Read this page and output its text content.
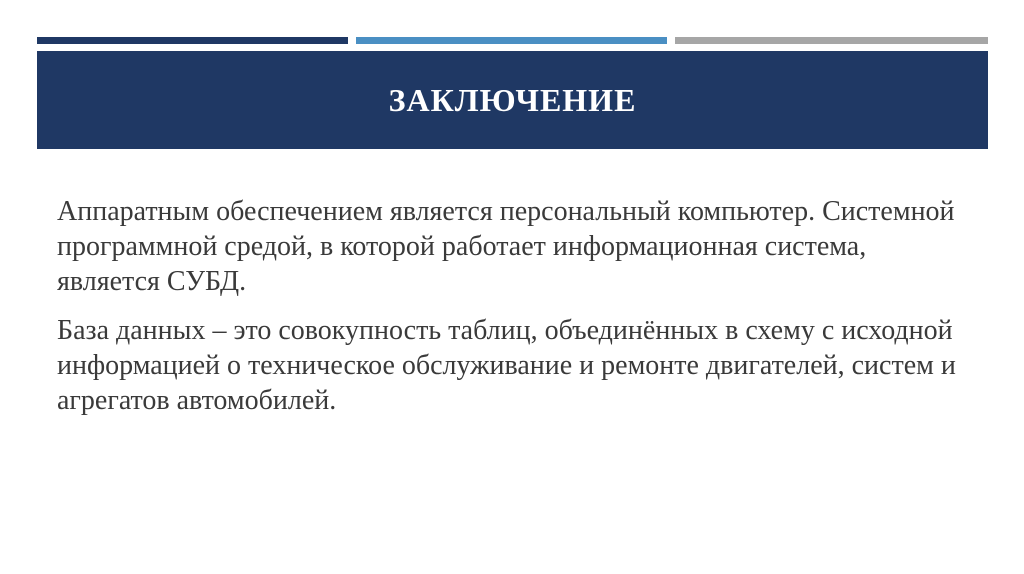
ЗАКЛЮЧЕНИЕ

Аппаратным обеспечением является персональный компьютер. Системной программной средой, в которой работает информационная система, является СУБД.

База данных – это совокупность таблиц, объединённых в схему с исходной информацией о техническое обслуживание и ремонте двигателей, систем и агрегатов автомобилей.
